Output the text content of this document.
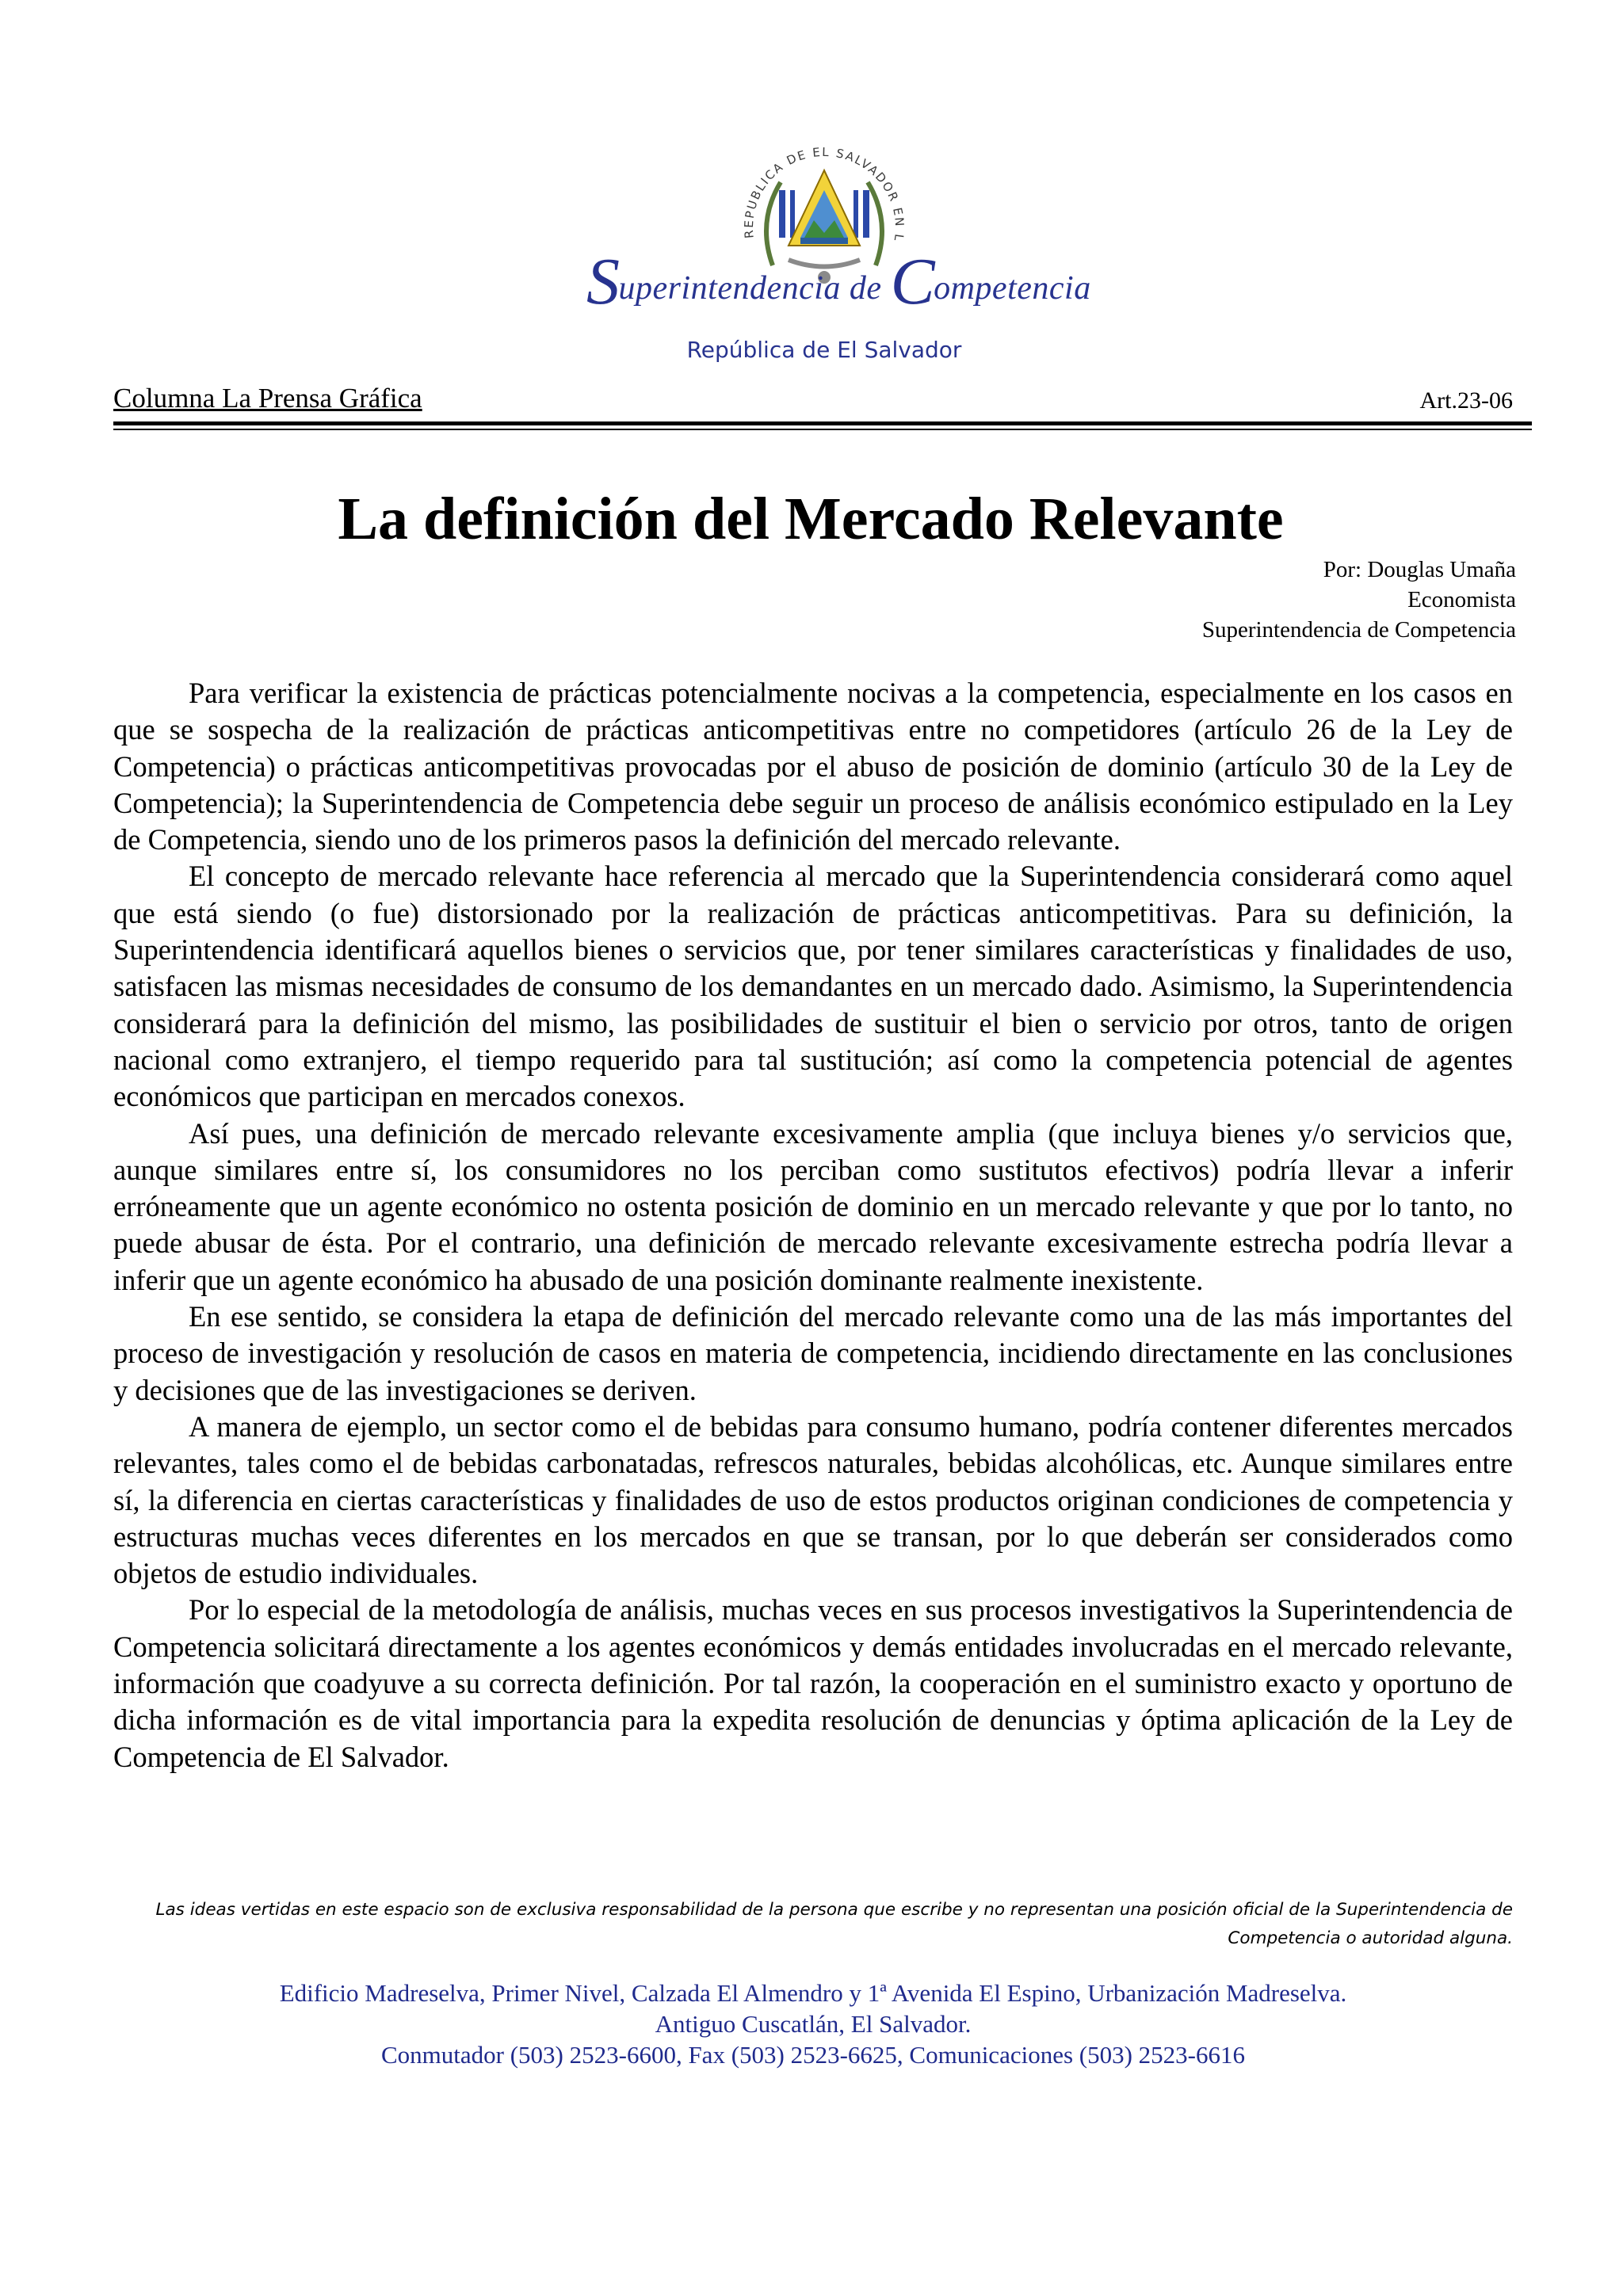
REPUBLICA DE EL SALVADOR EN L
Superintendencia de Competencia
República de El Salvador
Columna La Prensa Gráfica	Art.23-06
La definición del Mercado Relevante
Por: Douglas Umaña
Economista
Superintendencia de Competencia

Para verificar la existencia de prácticas potencialmente nocivas a la competencia, especialmente en los casos en que se sospecha de la realización de prácticas anticompetitivas entre no competidores (artículo 26 de la Ley de Competencia) o prácticas anticompetitivas provocadas por el abuso de posición de dominio (artículo 30 de la Ley de Competencia); la Superintendencia de Competencia debe seguir un proceso de análisis económico estipulado en la Ley de Competencia, siendo uno de los primeros pasos la definición del mercado relevante.

El concepto de mercado relevante hace referencia al mercado que la Superintendencia considerará como aquel que está siendo (o fue) distorsionado por la realización de prácticas anticompetitivas. Para su definición, la Superintendencia identificará aquellos bienes o servicios que, por tener similares características y finalidades de uso, satisfacen las mismas necesidades de consumo de los demandantes en un mercado dado. Asimismo, la Superintendencia considerará para la definición del mismo, las posibilidades de sustituir el bien o servicio por otros, tanto de origen nacional como extranjero, el tiempo requerido para tal sustitución; así como la competencia potencial de agentes económicos que participan en mercados conexos.

Así pues, una definición de mercado relevante excesivamente amplia (que incluya bienes y/o servicios que, aunque similares entre sí, los consumidores no los perciban como sustitutos efectivos) podría llevar a inferir erróneamente que un agente económico no ostenta posición de dominio en un mercado relevante y que por lo tanto, no puede abusar de ésta. Por el contrario, una definición de mercado relevante excesivamente estrecha podría llevar a inferir que un agente económico ha abusado de una posición dominante realmente inexistente.

En ese sentido, se considera la etapa de definición del mercado relevante como una de las más importantes del proceso de investigación y resolución de casos en materia de competencia, incidiendo directamente en las conclusiones y decisiones que de las investigaciones se deriven.

A manera de ejemplo, un sector como el de bebidas para consumo humano, podría contener diferentes mercados relevantes, tales como el de bebidas carbonatadas, refrescos naturales, bebidas alcohólicas, etc. Aunque similares entre sí, la diferencia en ciertas características y finalidades de uso de estos productos originan condiciones de competencia y estructuras muchas veces diferentes en los mercados en que se transan, por lo que deberán ser considerados como objetos de estudio individuales.

Por lo especial de la metodología de análisis, muchas veces en sus procesos investigativos la Superintendencia de Competencia solicitará directamente a los agentes económicos y demás entidades involucradas en el mercado relevante, información que coadyuve a su correcta definición. Por tal razón, la cooperación en el suministro exacto y oportuno de dicha información es de vital importancia para la expedita resolución de denuncias y óptima aplicación de la Ley de Competencia de El Salvador.

Las ideas vertidas en este espacio son de exclusiva responsabilidad de la persona que escribe y no representan una posición oficial de la Superintendencia de Competencia o autoridad alguna.
Edificio Madreselva, Primer Nivel, Calzada El Almendro y 1ª Avenida El Espino, Urbanización Madreselva.
Antiguo Cuscatlán, El Salvador.
Conmutador (503) 2523-6600, Fax (503) 2523-6625, Comunicaciones (503) 2523-6616
